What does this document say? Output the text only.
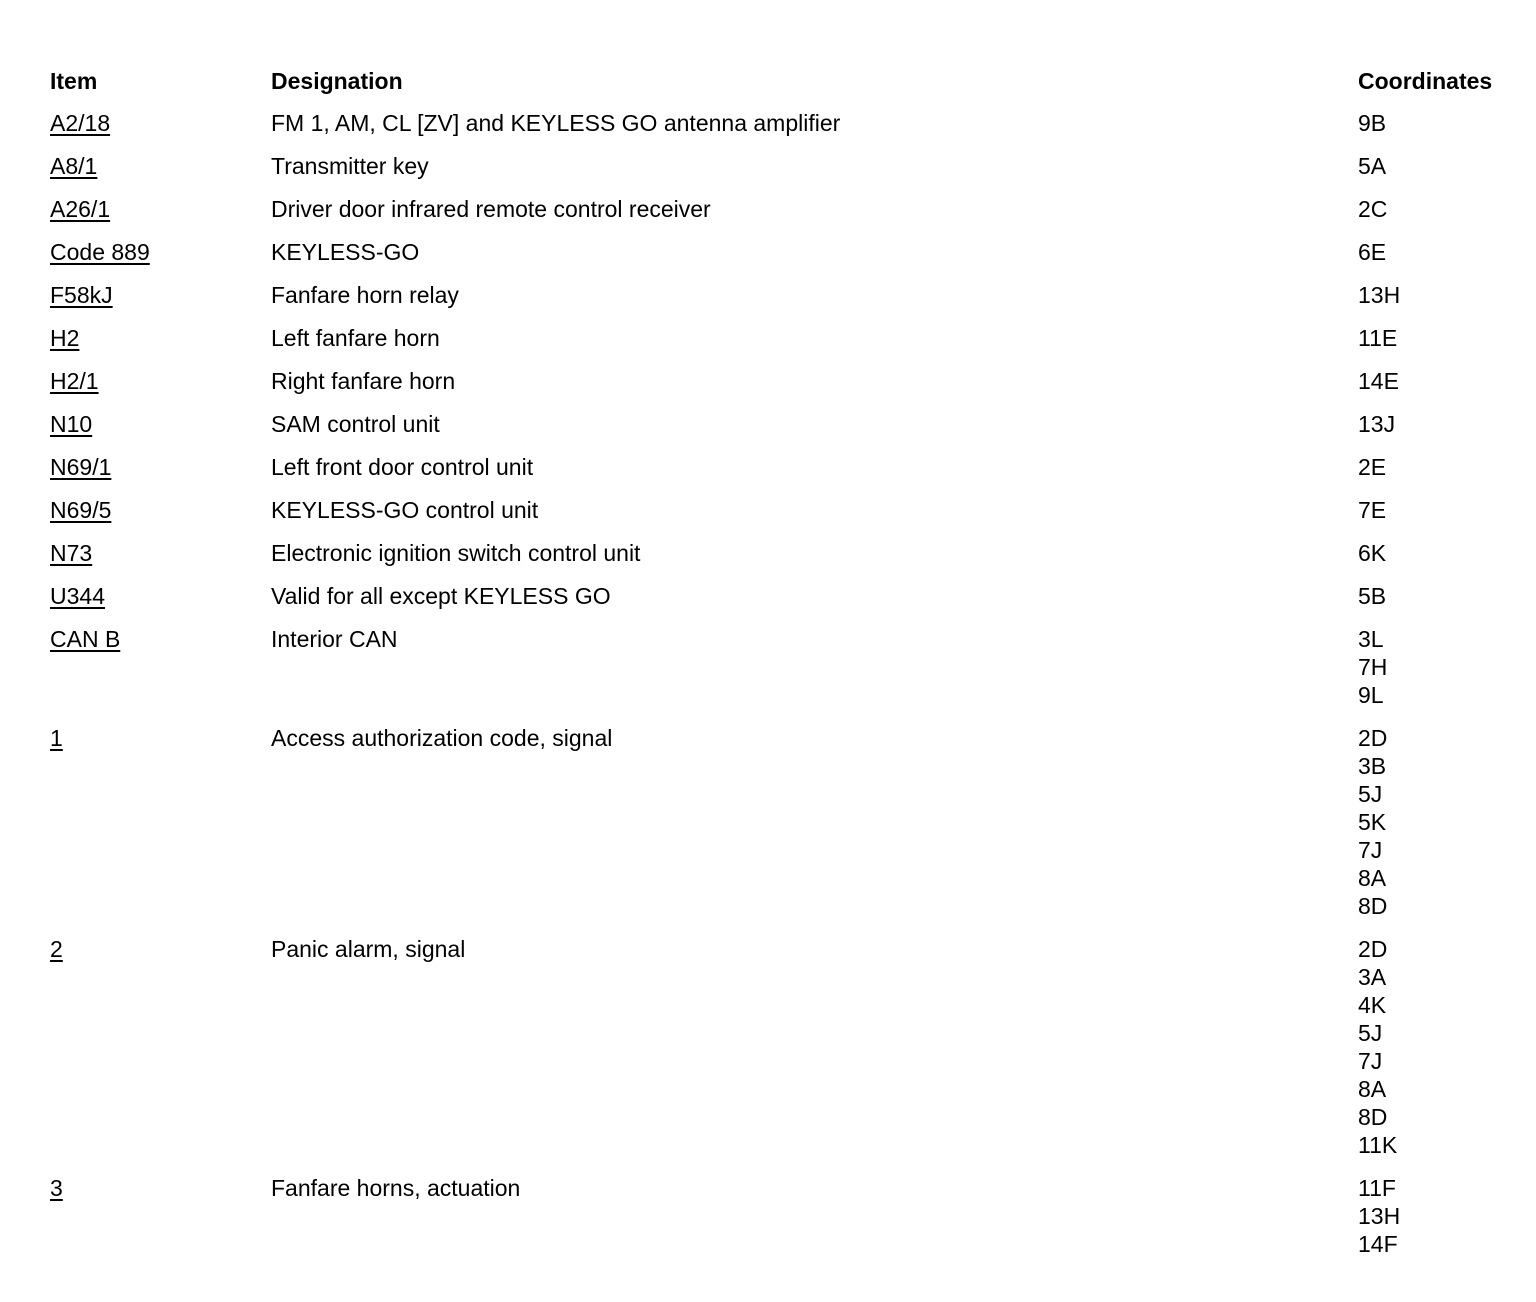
Item	Designation	Coordinates
A2/18	FM 1, AM, CL [ZV] and KEYLESS GO antenna amplifier	9B
A8/1	Transmitter key	5A
A26/1	Driver door infrared remote control receiver	2C
Code 889	KEYLESS-GO	6E
F58kJ	Fanfare horn relay	13H
H2	Left fanfare horn	11E
H2/1	Right fanfare horn	14E
N10	SAM control unit	13J
N69/1	Left front door control unit	2E
N69/5	KEYLESS-GO control unit	7E
N73	Electronic ignition switch control unit	6K
U344	Valid for all except KEYLESS GO	5B
CAN B	Interior CAN	3L
7H
9L
1	Access authorization code, signal	2D
3B
5J
5K
7J
8A
8D
2	Panic alarm, signal	2D
3A
4K
5J
7J
8A
8D
11K
3	Fanfare horns, actuation	11F
13H
14F
